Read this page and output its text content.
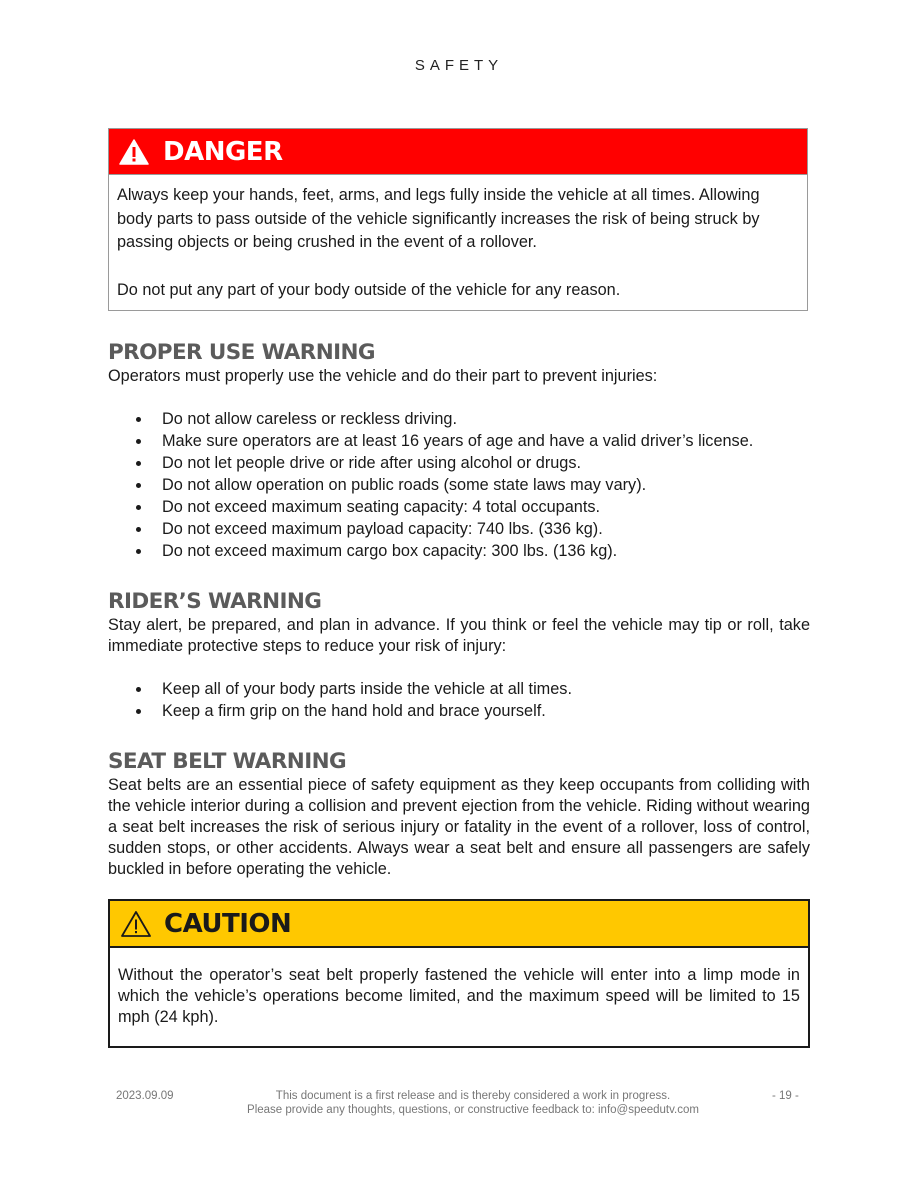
SAFETY
DANGER

Always keep your hands, feet, arms, and legs fully inside the vehicle at all times. Allowing body parts to pass outside of the vehicle significantly increases the risk of being struck by passing objects or being crushed in the event of a rollover.

Do not put any part of your body outside of the vehicle for any reason.

PROPER USE WARNING

Operators must properly use the vehicle and do their part to prevent injuries:

Do not allow careless or reckless driving.
Make sure operators are at least 16 years of age and have a valid driver’s license.
Do not let people drive or ride after using alcohol or drugs.
Do not allow operation on public roads (some state laws may vary).
Do not exceed maximum seating capacity: 4 total occupants.
Do not exceed maximum payload capacity: 740 lbs. (336 kg).
Do not exceed maximum cargo box capacity: 300 lbs. (136 kg).
RIDER’S WARNING

Stay alert, be prepared, and plan in advance. If you think or feel the vehicle may tip or roll, take immediate protective steps to reduce your risk of injury:

Keep all of your body parts inside the vehicle at all times.
Keep a firm grip on the hand hold and brace yourself.
SEAT BELT WARNING

Seat belts are an essential piece of safety equipment as they keep occupants from colliding with the vehicle interior during a collision and prevent ejection from the vehicle. Riding without wearing a seat belt increases the risk of serious injury or fatality in the event of a rollover, loss of control, sudden stops, or other accidents. Always wear a seat belt and ensure all passengers are safely buckled in before operating the vehicle.

CAUTION
Without the operator’s seat belt properly fastened the vehicle will enter into a limp mode in which the vehicle’s operations become limited, and the maximum speed will be limited to 15 mph (24 kph).
2023.09.09	This document is a first release and is thereby considered a work in progress.
Please provide any thoughts, questions, or constructive feedback to: info@speedutv.com
- 19 -
